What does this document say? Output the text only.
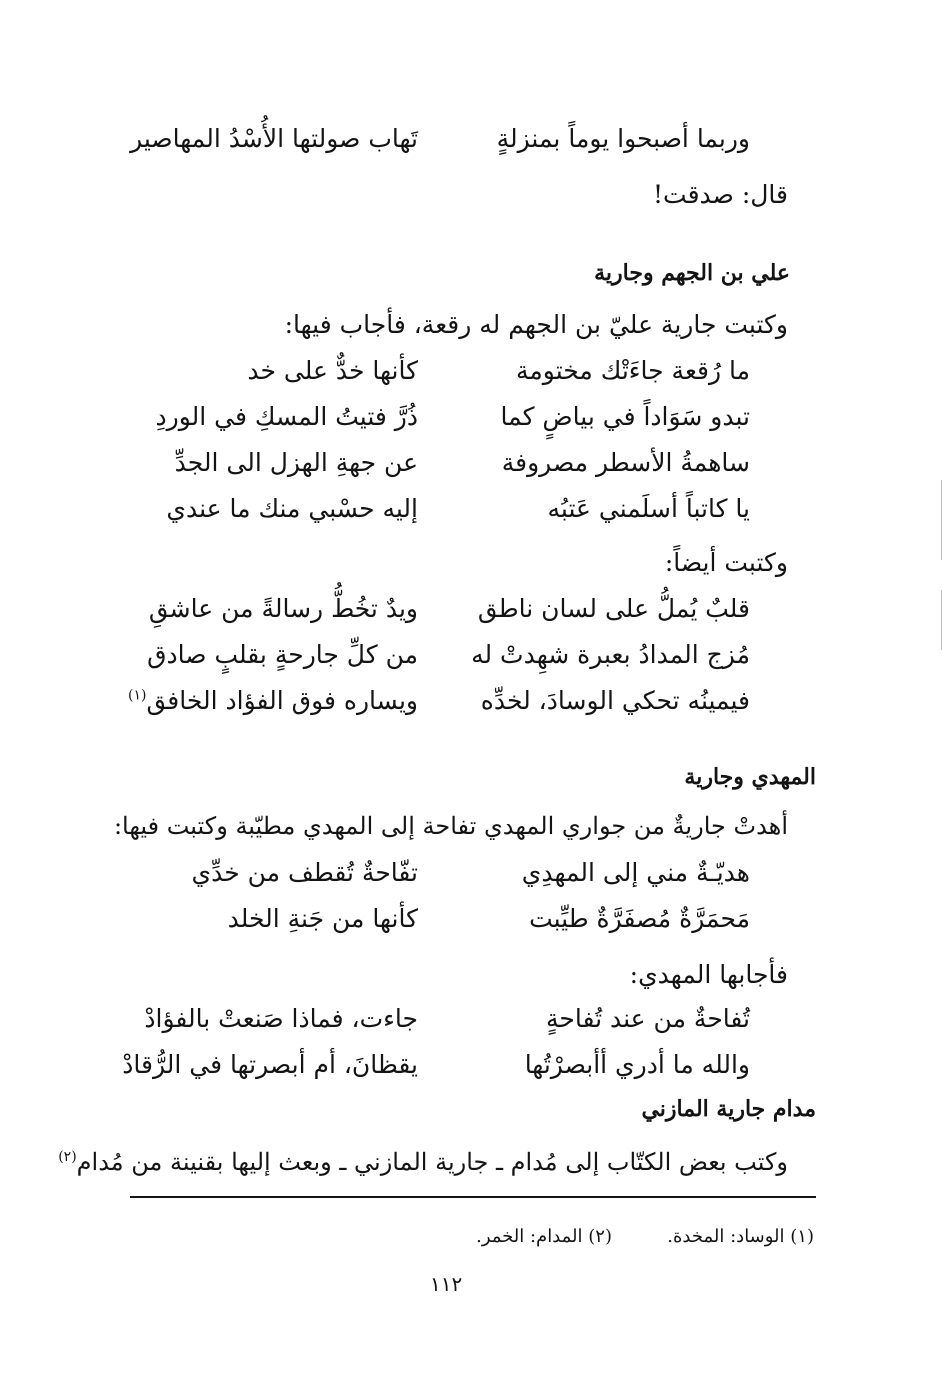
وربما أصبحوا يوماً بمنزلةٍ
تَهاب صولتها الأُسْدُ المهاصير
قال: صدقت!
علي بن الجهم وجارية
وكتبت جارية عليّ بن الجهم له رقعة، فأجاب فيها:
ما رُقعة جاءَتْك مختومة
كأنها خدٌّ على خد
تبدو سَوَاداً في بياضٍ كما
ذُرَّ فتيتُ المسكِ في الوردِ
ساهمةُ الأسطر مصروفة
عن جهةِ الهزل الى الجدِّ
يا كاتباً أسلَمني عَتبُه
إليه حسْبي منك ما عندي
وكتبت أيضاً:
قلبٌ يُملُّ على لسان ناطق
ويدٌ تخُطُّ رسالةً من عاشقِ
مُزج المدادُ بعبرة شهِدتْ له
من كلِّ جارحةٍ بقلبٍ صادق
فيمينُه تحكي الوسادَ، لخدِّه
ويساره فوق الفؤاد الخافق$^{(١)}$
المهدي وجارية
أهدتْ جاريةٌ من جواري المهدي تفاحة إلى المهدي مطيّبة وكتبت فيها:
هديّـةٌ مني إلى المهدِي
تفّاحةٌ تُقطف من خدِّي
مَحمَرَّةٌ مُصفَرَّةٌ طيِّبت
كأنها من جَنةِ الخلد
فأجابها المهدي:
تُفاحةٌ من عند تُفاحةٍ
جاءت، فماذا صَنعتْ بالفؤادْ
والله ما أدري أأبصرْتُها
يقظانَ، أم أبصرتها في الرُّقادْ
مدام جارية المازني
وكتب بعض الكتّاب إلى مُدام ـ جارية المازني ـ وبعث إليها بقنينة من مُدام$^{(٢)}$
(١) الوساد: المخدة.
(٢) المدام: الخمر.
١١٢
